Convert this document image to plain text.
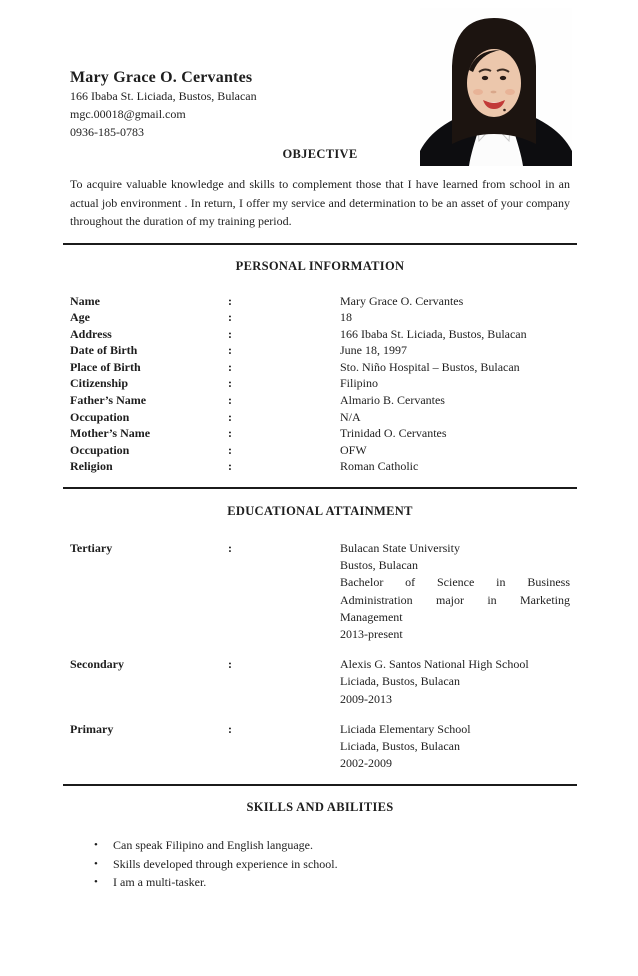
Mary Grace O. Cervantes
166 Ibaba St. Liciada, Bustos, Bulacan
mgc.00018@gmail.com
0936-185-0783
OBJECTIVE

To acquire valuable knowledge and skills to complement those that I have learned from school in an actual job environment . In return, I offer my service and determination to be an asset of your company throughout the duration of my training period.

PERSONAL INFORMATION
Name	:	Mary Grace O. Cervantes
Age	:	18
Address	:	166 Ibaba St. Liciada, Bustos, Bulacan
Date of Birth	:	June 18, 1997
Place of Birth	:	Sto. Niño Hospital – Bustos, Bulacan
Citizenship	:	Filipino
Father’s Name	:	Almario B. Cervantes
Occupation	:	N/A
Mother’s Name	:	Trinidad O. Cervantes
Occupation	:	OFW
Religion	:	Roman Catholic
EDUCATIONAL ATTAINMENT
Tertiary	:	Bulacan State University
Bustos, Bulacan
Bachelor of Science in Business
Administration major in Marketing
Management
2013-present
Secondary	:	Alexis G. Santos National High School
Liciada, Bustos, Bulacan
2009-2013
Primary	:	Liciada Elementary School
Liciada, Bustos, Bulacan
2002-2009
SKILLS AND ABILITIES
•	Can speak Filipino and English language.
•	Skills developed through experience in school.
•	I am a multi-tasker.
